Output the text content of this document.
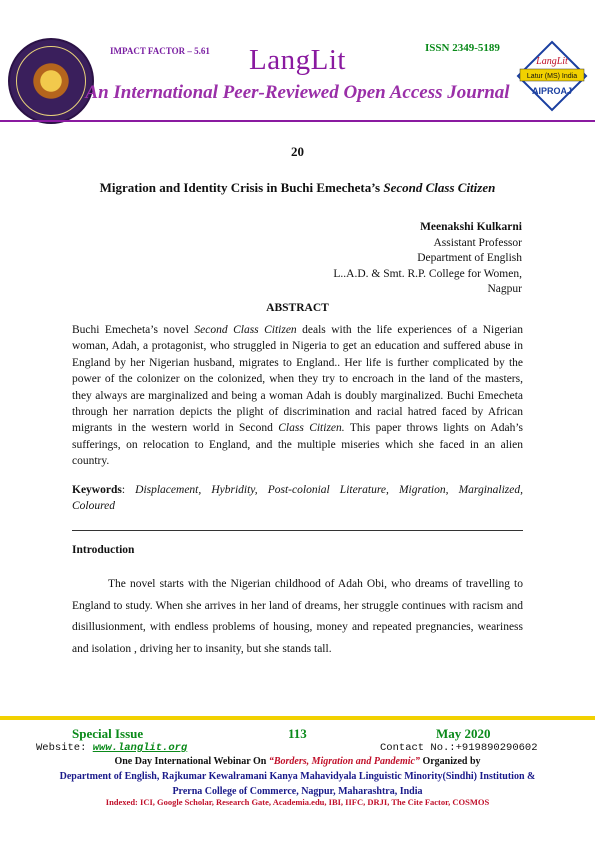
IMPACT FACTOR – 5.61	LangLit	ISSN 2349-5189
An International Peer-Reviewed Open Access Journal
LangLit
Latur (MS) India
AIPROAJ
20
Migration and Identity Crisis in Buchi Emecheta’s Second Class Citizen
Meenakshi Kulkarni
Assistant Professor
Department of English
L..A.D. & Smt. R.P. College for Women,
Nagpur
ABSTRACT
Buchi Emecheta’s novel Second Class Citizen deals with the life experiences of a Nigerian woman, Adah, a protagonist, who struggled in Nigeria to get an education and suffered abuse in England by her Nigerian husband, migrates to England.. Her life is further complicated by the power of the colonizer on the colonized, when they try to encroach in the land of the masters, they always are marginalized and being a woman Adah is doubly marginalized. Buchi Emecheta through her narration depicts the plight of discrimination and racial hatred faced by African migrants in the western world in Second Class Citizen. This paper throws lights on Adah’s sufferings, on relocation to England, and the multiple miseries which she faced in an alien country.
Keywords: Displacement, Hybridity, Post-colonial Literature, Migration, Marginalized, Coloured
Introduction
The novel starts with the Nigerian childhood of Adah Obi, who dreams of travelling to England to study. When she arrives in her land of dreams, her struggle continues with racism and disillusionment, with endless problems of housing, money and repeated pregnancies, weariness and isolation , driving her to insanity, but she stands tall.
Special Issue	113	May 2020
Website: www.langlit.org	Contact No.:+919890290602
One Day International Webinar On “Borders, Migration and Pandemic” Organized by
Department of English, Rajkumar Kewalramani Kanya Mahavidyala Linguistic Minority(Sindhi) Institution &
Prerna College of Commerce, Nagpur, Maharashtra, India
Indexed: ICI, Google Scholar, Research Gate, Academia.edu, IBI, IIFC, DRJI, The Cite Factor, COSMOS
